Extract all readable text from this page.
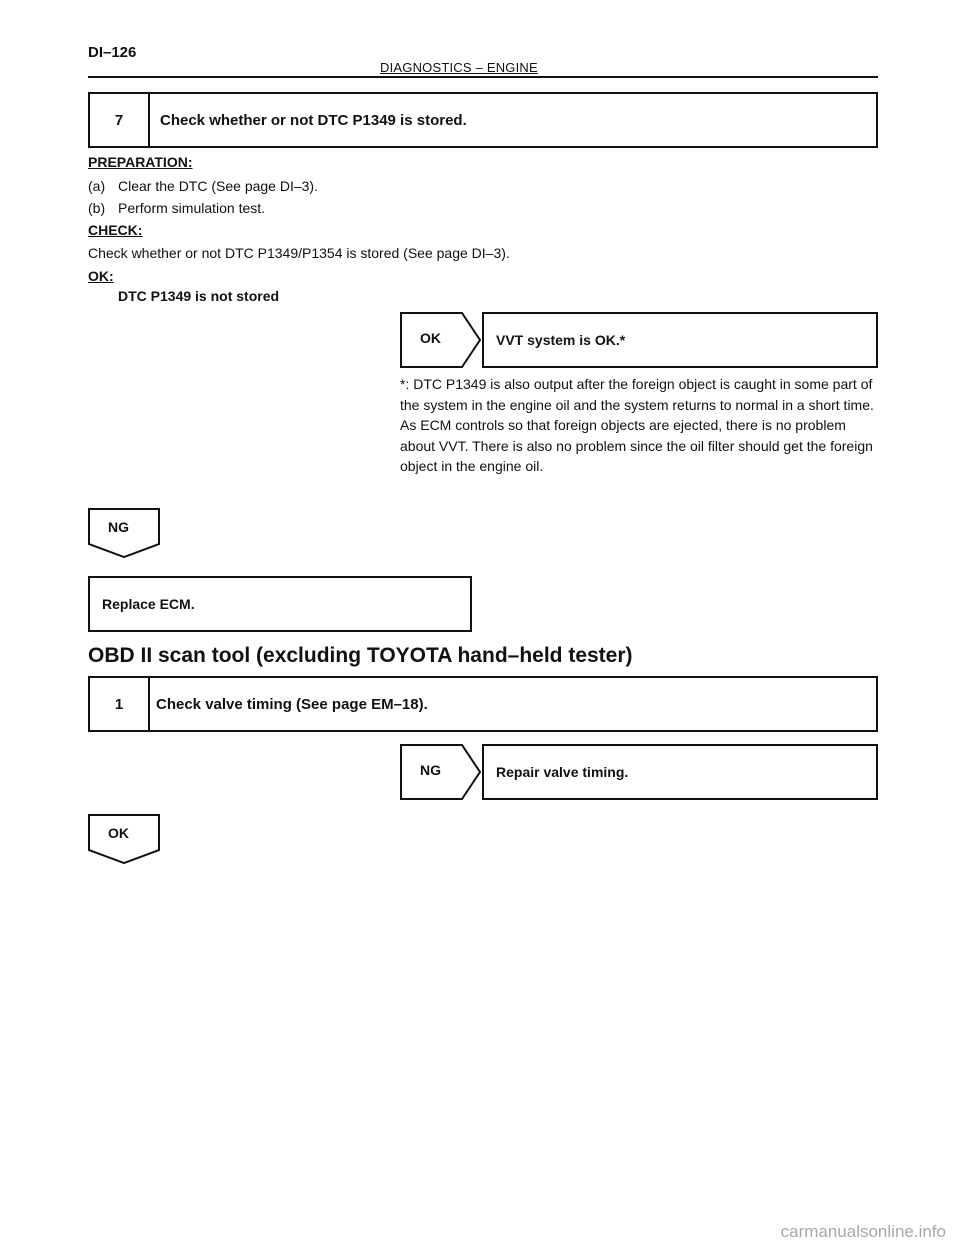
DI–126
DIAGNOSTICS – ENGINE
7	Check whether or not DTC P1349 is stored.
PREPARATION:
(a) Clear the DTC (See page DI–3).
(b) Perform simulation test.
CHECK:
Check whether or not DTC P1349/P1354 is stored (See page DI–3).
OK:
DTC P1349 is not stored
OK	VVT system is OK.*
*: DTC P1349 is also output after the foreign object is caught in some part of the system in the engine oil and the system returns to normal in a short time. As ECM controls so that foreign objects are ejected, there is no problem about VVT. There is also no problem since the oil filter should get the foreign object in the engine oil.
NG
Replace ECM.
OBD II scan tool (excluding TOYOTA hand–held tester)
1	Check valve timing (See page EM–18).
NG	Repair valve timing.
OK
carmanualsonline.info
